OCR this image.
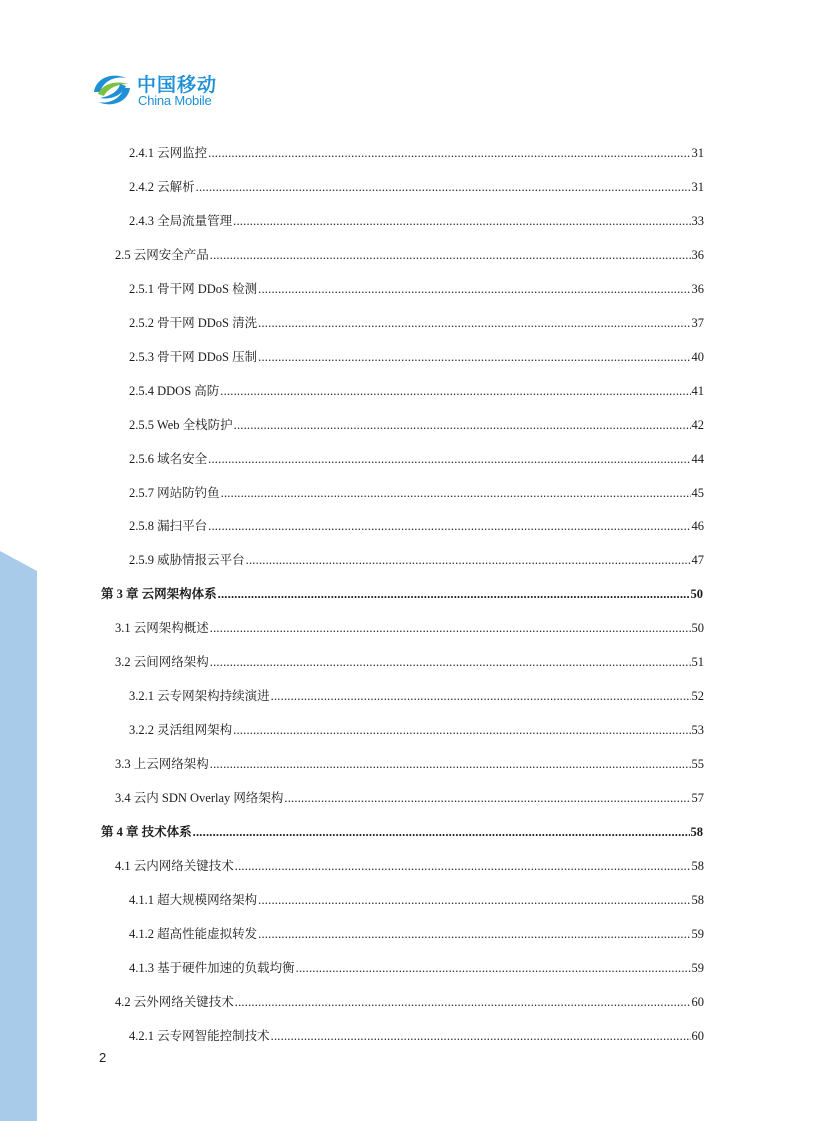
中国移动
China Mobile
2.4.1 云网监控 .....	31
2.4.2 云解析 .....	31
2.4.3 全局流量管理 .....	33
2.5 云网安全产品 .....	36
2.5.1 骨干网 DDoS 检测 .....	36
2.5.2 骨干网 DDoS 清洗 .....	37
2.5.3 骨干网 DDoS 压制 .....	40
2.5.4 DDOS 高防 .....	41
2.5.5 Web 全栈防护 .....	42
2.5.6 域名安全 .....	44
2.5.7 网站防钓鱼 .....	45
2.5.8 漏扫平台 .....	46
2.5.9 威胁情报云平台 .....	47
第 3 章 云网架构体系 .....	50
3.1 云网架构概述 .....	50
3.2 云间网络架构 .....	51
3.2.1 云专网架构持续演进 .....	52
3.2.2 灵活组网架构 .....	53
3.3 上云网络架构 .....	55
3.4 云内 SDN Overlay 网络架构 .....	57
第 4 章 技术体系 .....	58
4.1 云内网络关键技术 .....	58
4.1.1 超大规模网络架构 .....	58
4.1.2 超高性能虚拟转发 .....	59
4.1.3 基于硬件加速的负载均衡 .....	59
4.2 云外网络关键技术 .....	60
4.2.1 云专网智能控制技术 .....	60
2
